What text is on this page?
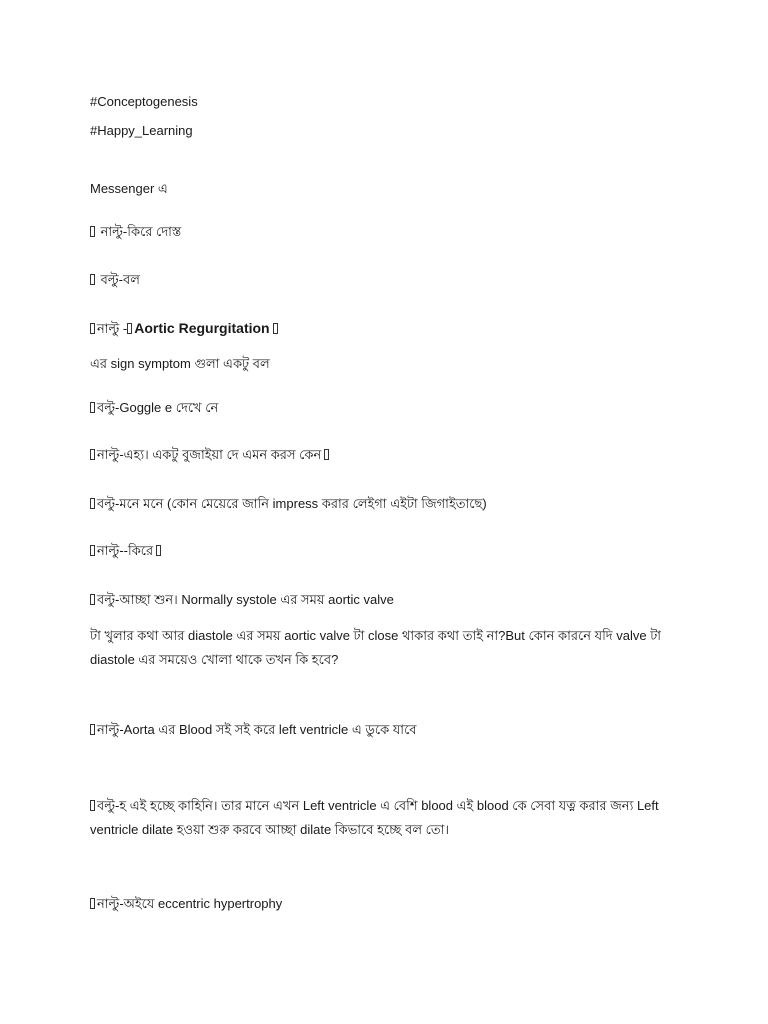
#Conceptogenesis
#Happy_Learning
Messenger এ
নাল্টু-কিরে দোস্ত
বল্টু-বল
নাল্টু - Aortic Regurgitation
এর sign symptom গুলা একটু বল
বল্টু-Goggle e দেখে নে
নাল্টু-এহ্য। একটু বুজাইয়া দে এমন করস কেন
বল্টু-মনে মনে (কোন মেয়েরে জানি impress করার লেইগা এইটা জিগাইতাছে)
নাল্টু--কিরে
বল্টু-আচ্ছা শুন। Normally systole এর সময় aortic valve
টা খুলার কথা আর diastole এর সময় aortic valve টা close থাকার কথা তাই না?But কোন কারনে যদি valve টা diastole এর সময়েও খোলা থাকে তখন কি হবে?
নাল্টু-Aorta এর Blood সই সই করে left ventricle এ ডুকে যাবে
বল্টু-হ এই হচ্ছে কাহিনি। তার মানে এখন Left ventricle এ বেশি blood এই blood কে সেবা যত্ন করার জন্য Left ventricle dilate হওয়া শুরু করবে আচ্ছা dilate কিভাবে হচ্ছে বল তো।
নাল্টু-অইযে eccentric hypertrophy
